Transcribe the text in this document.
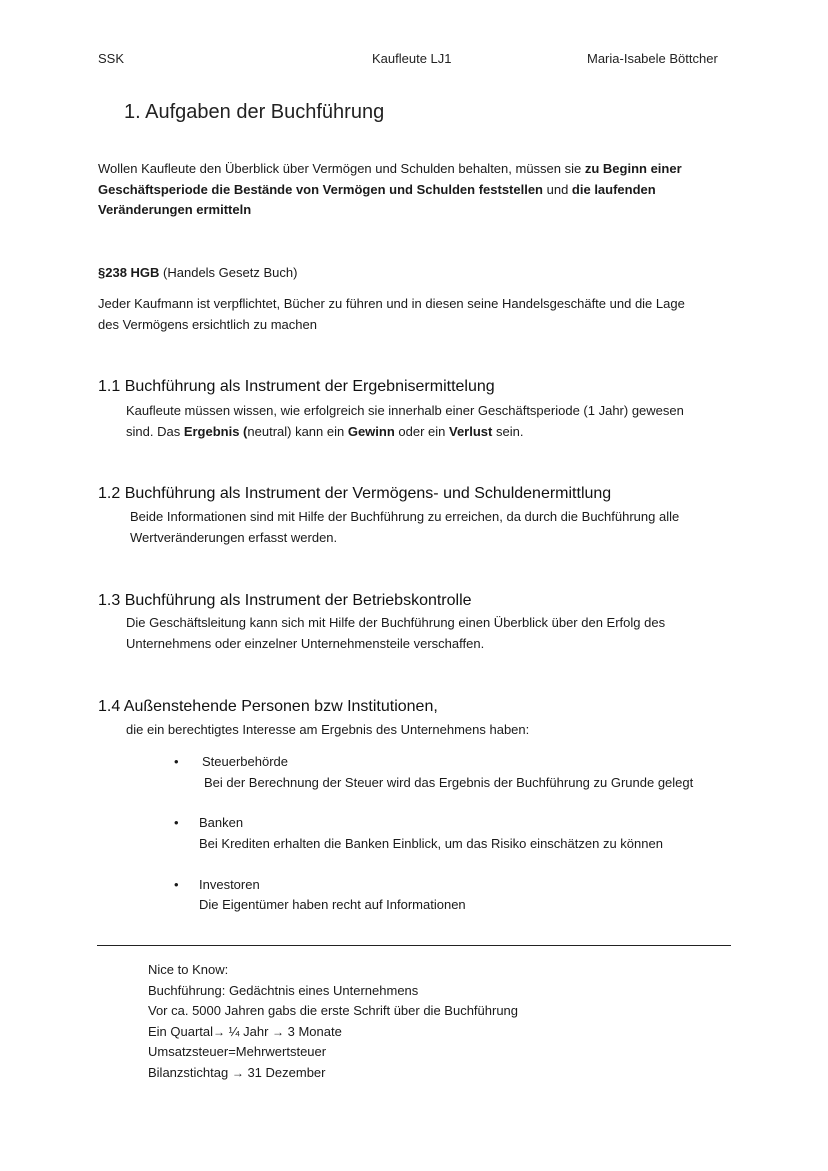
SSK	Kaufleute LJ1	Maria-Isabele Böttcher
1. Aufgaben der Buchführung
Wollen Kaufleute den Überblick über Vermögen und Schulden behalten, müssen sie zu Beginn einer
Geschäftsperiode die Bestände von Vermögen und Schulden feststellen und die laufenden
Veränderungen ermitteln
§238 HGB (Handels Gesetz Buch)
Jeder Kaufmann ist verpflichtet, Bücher zu führen und in diesen seine Handelsgeschäfte und die Lage
des Vermögens ersichtlich zu machen
1.1 Buchführung als Instrument der Ergebnisermittelung
Kaufleute müssen wissen, wie erfolgreich sie innerhalb einer Geschäftsperiode (1 Jahr) gewesen
sind. Das Ergebnis (neutral) kann ein Gewinn oder ein Verlust sein.
1.2 Buchführung als Instrument der Vermögens- und Schuldenermittlung
Beide Informationen sind mit Hilfe der Buchführung zu erreichen, da durch die Buchführung alle
Wertveränderungen erfasst werden.
1.3 Buchführung als Instrument der Betriebskontrolle
Die Geschäftsleitung kann sich mit Hilfe der Buchführung einen Überblick über den Erfolg des
Unternehmens oder einzelner Unternehmensteile verschaffen.
1.4 Außenstehende Personen bzw Institutionen,
die ein berechtigtes Interesse am Ergebnis des Unternehmens haben:
• Steuerbehörde
Bei der Berechnung der Steuer wird das Ergebnis der Buchführung zu Grunde gelegt
• Banken
Bei Krediten erhalten die Banken Einblick, um das Risiko einschätzen zu können
• Investoren
Die Eigentümer haben recht auf Informationen
Nice to Know:
Buchführung: Gedächtnis eines Unternehmens
Vor ca. 5000 Jahren gabs die erste Schrift über die Buchführung
Ein Quartal→ ¼ Jahr → 3 Monate
Umsatzsteuer=Mehrwertsteuer
Bilanzstichtag → 31 Dezember
